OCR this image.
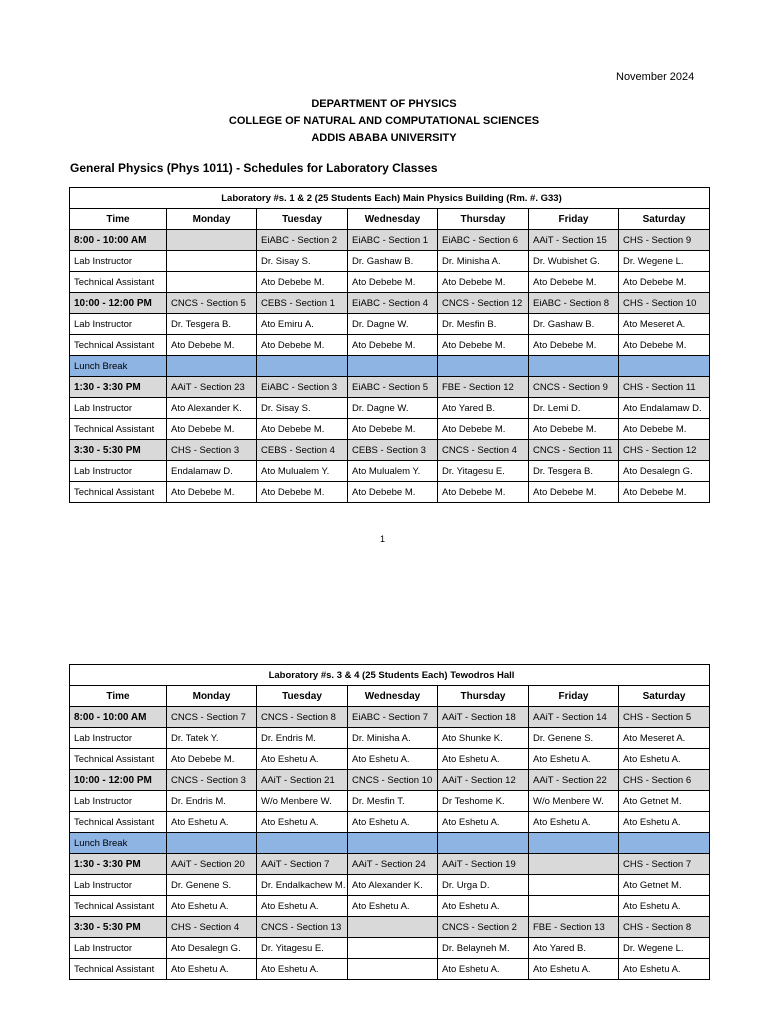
November 2024
DEPARTMENT OF PHYSICS
COLLEGE OF NATURAL AND COMPUTATIONAL SCIENCES
ADDIS ABABA UNIVERSITY
General Physics (Phys 1011) - Schedules for Laboratory Classes
Laboratory #s. 1 & 2 (25 Students Each) Main Physics Building (Rm. #. G33)						
Time	Monday	Tuesday	Wednesday	Thursday	Friday	Saturday
8:00 - 10:00 AM		EiABC - Section 2	EiABC - Section 1	EiABC - Section 6	AAiT - Section 15	CHS - Section 9
Lab Instructor		Dr. Sisay S.	Dr. Gashaw B.	Dr. Minisha A.	Dr. Wubishet G.	Dr. Wegene L.
Technical Assistant		Ato Debebe M.	Ato Debebe M.	Ato Debebe M.	Ato Debebe M.	Ato Debebe M.
10:00 - 12:00 PM	CNCS - Section 5	CEBS - Section 1	EiABC - Section 4	CNCS - Section 12	EiABC - Section 8	CHS - Section 10
Lab Instructor	Dr. Tesgera B.	Ato Emiru A.	Dr. Dagne W.	Dr. Mesfin B.	Dr. Gashaw B.	Ato Meseret A.
Technical Assistant	Ato Debebe M.	Ato Debebe M.	Ato Debebe M.	Ato Debebe M.	Ato Debebe M.	Ato Debebe M.
Lunch Break						
1:30 - 3:30 PM	AAiT - Section 23	EiABC - Section 3	EiABC - Section 5	FBE - Section 12	CNCS - Section 9	CHS - Section 11
Lab Instructor	Ato Alexander K.	Dr. Sisay S.	Dr. Dagne W.	Ato Yared B.	Dr. Lemi D.	Ato Endalamaw D.
Technical Assistant	Ato Debebe M.	Ato Debebe M.	Ato Debebe M.	Ato Debebe M.	Ato Debebe M.	Ato Debebe M.
3:30 - 5:30 PM	CHS - Section 3	CEBS - Section 4	CEBS - Section 3	CNCS - Section 4	CNCS - Section 11	CHS - Section 12
Lab Instructor	Endalamaw D.	Ato Mulualem Y.	Ato Mulualem Y.	Dr. Yitagesu E.	Dr. Tesgera B.	Ato Desalegn G.
Technical Assistant	Ato Debebe M.	Ato Debebe M.	Ato Debebe M.	Ato Debebe M.	Ato Debebe M.	Ato Debebe M.
1
Laboratory #s. 3 & 4 (25 Students Each) Tewodros Hall						
Time	Monday	Tuesday	Wednesday	Thursday	Friday	Saturday
8:00 - 10:00 AM	CNCS - Section 7	CNCS - Section 8	EiABC - Section 7	AAiT - Section 18	AAiT - Section 14	CHS - Section 5
Lab Instructor	Dr. Tatek Y.	Dr. Endris M.	Dr. Minisha A.	Ato Shunke K.	Dr. Genene S.	Ato Meseret A.
Technical Assistant	Ato Debebe M.	Ato Eshetu A.	Ato Eshetu A.	Ato Eshetu A.	Ato Eshetu A.	Ato Eshetu A.
10:00 - 12:00 PM	CNCS - Section 3	AAiT - Section 21	CNCS - Section 10	AAiT - Section 12	AAiT - Section 22	CHS - Section 6
Lab Instructor	Dr. Endris M.	W/o Menbere W.	Dr. Mesfin T.	Dr Teshome K.	W/o Menbere W.	Ato Getnet M.
Technical Assistant	Ato Eshetu A.	Ato Eshetu A.	Ato Eshetu A.	Ato Eshetu A.	Ato Eshetu A.	Ato Eshetu A.
Lunch Break						
1:30 - 3:30 PM	AAiT - Section 20	AAiT - Section 7	AAiT - Section 24	AAiT - Section 19		CHS - Section 7
Lab Instructor	Dr. Genene S.	Dr. Endalkachew M.	Ato Alexander K.	Dr. Urga D.		Ato Getnet M.
Technical Assistant	Ato Eshetu A.	Ato Eshetu A.	Ato Eshetu A.	Ato Eshetu A.		Ato Eshetu A.
3:30 - 5:30 PM	CHS - Section 4	CNCS - Section 13		CNCS - Section 2	FBE - Section 13	CHS - Section 8
Lab Instructor	Ato Desalegn G.	Dr. Yitagesu E.		Dr. Belayneh M.	Ato Yared B.	Dr. Wegene L.
Technical Assistant	Ato Eshetu A.	Ato Eshetu A.		Ato Eshetu A.	Ato Eshetu A.	Ato Eshetu A.
